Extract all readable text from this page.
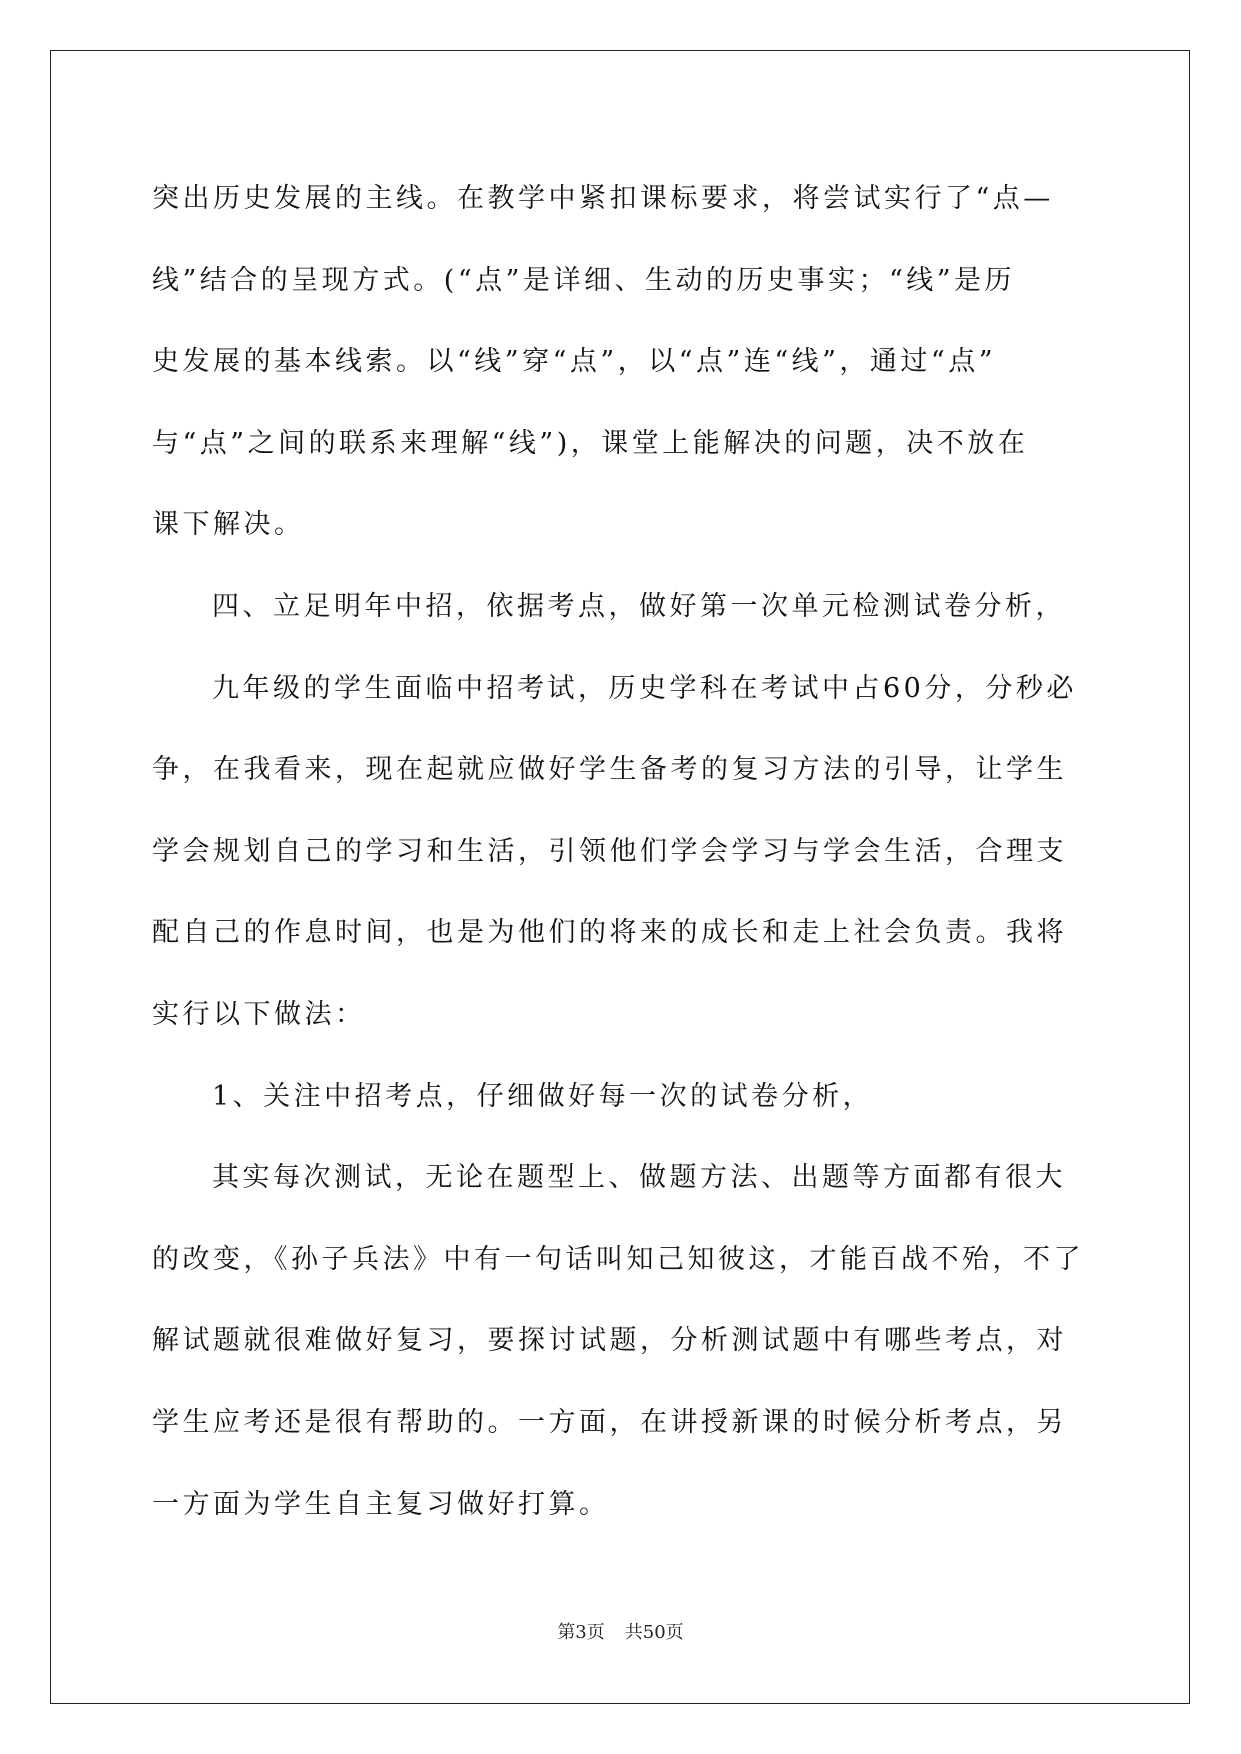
突出历史发展的主线。在教学中紧扣课标要求，将尝试实行了“点—
线”结合的呈现方式。(“点”是详细、生动的历史事实；“线”是历
史发展的基本线索。以“线”穿“点”，以“点”连“线”，通过“点”
与“点”之间的联系来理解“线”)，课堂上能解决的问题，决不放在
课下解决。

四、立足明年中招，依据考点，做好第一次单元检测试卷分析，

九年级的学生面临中招考试，历史学科在考试中占60分，分秒必
争，在我看来，现在起就应做好学生备考的复习方法的引导，让学生
学会规划自己的学习和生活，引领他们学会学习与学会生活，合理支
配自己的作息时间，也是为他们的将来的成长和走上社会负责。我将
实行以下做法：

1、关注中招考点，仔细做好每一次的试卷分析，

其实每次测试，无论在题型上、做题方法、出题等方面都有很大
的改变，《孙子兵法》中有一句话叫知己知彼这，才能百战不殆，不了
解试题就很难做好复习，要探讨试题，分析测试题中有哪些考点，对
学生应考还是很有帮助的。一方面，在讲授新课的时候分析考点，另
一方面为学生自主复习做好打算。

第3页 共50页
